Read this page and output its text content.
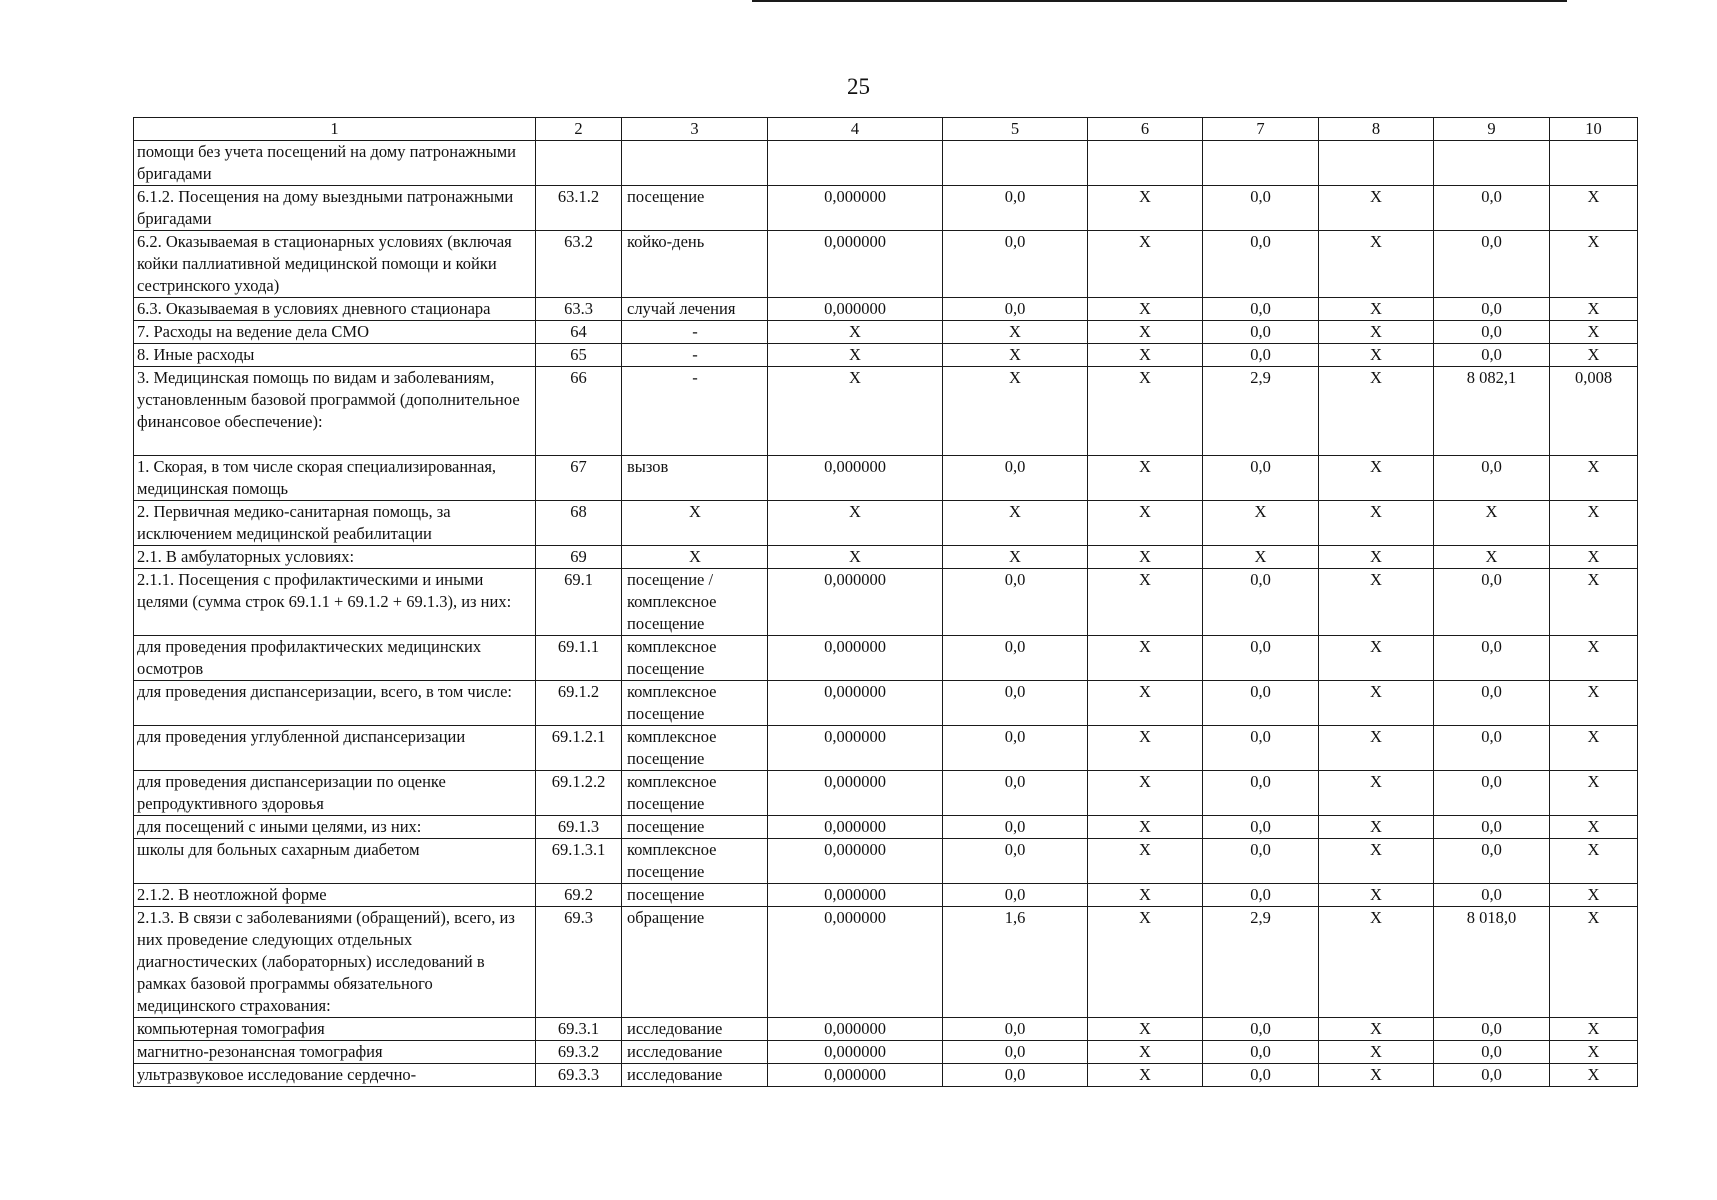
25
1	2	3	4	5	6	7	8	9	10
помощи без учета посещений на дому патронажными бригадами									
6.1.2. Посещения на дому выездными патронажными бригадами	63.1.2	посещение	0,000000	0,0	X	0,0	X	0,0	X
6.2. Оказываемая в стационарных условиях (включая койки паллиативной медицинской помощи и койки сестринского ухода)	63.2	койко-день	0,000000	0,0	X	0,0	X	0,0	X
6.3. Оказываемая в условиях дневного стационара	63.3	случай лечения	0,000000	0,0	X	0,0	X	0,0	X
7. Расходы на ведение дела СМО	64	-	X	X	X	0,0	X	0,0	X
8. Иные расходы	65	-	X	X	X	0,0	X	0,0	X
3. Медицинская помощь по видам и заболеваниям, установленным базовой программой (дополнительное финансовое обеспечение):	66	-	X	X	X	2,9	X	8 082,1	0,008
1. Скорая, в том числе скорая специализированная, медицинская помощь	67	вызов	0,000000	0,0	X	0,0	X	0,0	X
2. Первичная медико-санитарная помощь, за исключением медицинской реабилитации	68	X	X	X	X	X	X	X	X
2.1. В амбулаторных условиях:	69	X	X	X	X	X	X	X	X
2.1.1. Посещения с профилактическими и иными целями (сумма строк 69.1.1 + 69.1.2 + 69.1.3), из них:	69.1	посещение / комплексное посещение	0,000000	0,0	X	0,0	X	0,0	X
для проведения профилактических медицинских осмотров	69.1.1	комплексное посещение	0,000000	0,0	X	0,0	X	0,0	X
для проведения диспансеризации, всего, в том числе:	69.1.2	комплексное посещение	0,000000	0,0	X	0,0	X	0,0	X
для проведения углубленной диспансеризации	69.1.2.1	комплексное посещение	0,000000	0,0	X	0,0	X	0,0	X
для проведения диспансеризации по оценке репродуктивного здоровья	69.1.2.2	комплексное посещение	0,000000	0,0	X	0,0	X	0,0	X
для посещений с иными целями, из них:	69.1.3	посещение	0,000000	0,0	X	0,0	X	0,0	X
школы для больных сахарным диабетом	69.1.3.1	комплексное посещение	0,000000	0,0	X	0,0	X	0,0	X
2.1.2. В неотложной форме	69.2	посещение	0,000000	0,0	X	0,0	X	0,0	X
2.1.3. В связи с заболеваниями (обращений), всего, из них проведение следующих отдельных диагностических (лабораторных) исследований в рамках базовой программы обязательного медицинского страхования:	69.3	обращение	0,000000	1,6	X	2,9	X	8 018,0	X
компьютерная томография	69.3.1	исследование	0,000000	0,0	X	0,0	X	0,0	X
магнитно-резонансная томография	69.3.2	исследование	0,000000	0,0	X	0,0	X	0,0	X
ультразвуковое исследование сердечно-	69.3.3	исследование	0,000000	0,0	X	0,0	X	0,0	X
